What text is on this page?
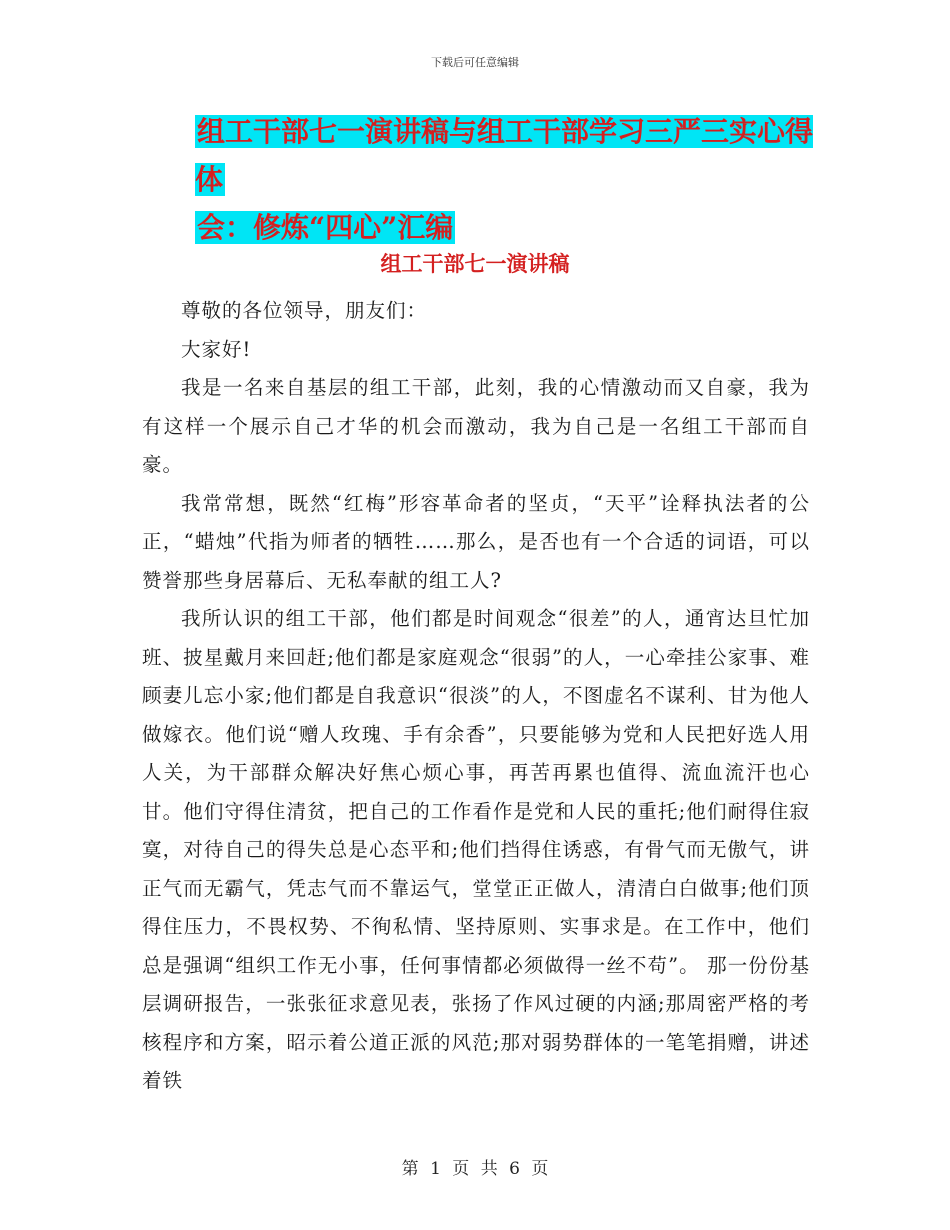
下载后可任意编辑
组工干部七一演讲稿与组工干部学习三严三实心得体
会：修炼“四心”汇编
组工干部七一演讲稿

尊敬的各位领导，朋友们：

大家好!

我是一名来自基层的组工干部，此刻，我的心情激动而又自豪，我为有这样一个展示自己才华的机会而激动，我为自己是一名组工干部而自豪。

我常常想，既然“红梅”形容革命者的坚贞，“天平”诠释执法者的公正，“蜡烛”代指为师者的牺牲……那么，是否也有一个合适的词语，可以赞誉那些身居幕后、无私奉献的组工人?

我所认识的组工干部，他们都是时间观念“很差”的人，通宵达旦忙加班、披星戴月来回赶;他们都是家庭观念“很弱”的人，一心牵挂公家事、难顾妻儿忘小家;他们都是自我意识“很淡”的人，不图虚名不谋利、甘为他人做嫁衣。他们说“赠人玫瑰、手有余香”，只要能够为党和人民把好选人用人关，为干部群众解决好焦心烦心事，再苦再累也值得、流血流汗也心甘。他们守得住清贫，把自己的工作看作是党和人民的重托;他们耐得住寂寞，对待自己的得失总是心态平和;他们挡得住诱惑，有骨气而无傲气，讲正气而无霸气，凭志气而不靠运气，堂堂正正做人，清清白白做事;他们顶得住压力，不畏权势、不徇私情、坚持原则、实事求是。在工作中，他们总是强调“组织工作无小事，任何事情都必须做得一丝不苟”。 那一份份基层调研报告，一张张征求意见表，张扬了作风过硬的内涵;那周密严格的考核程序和方案，昭示着公道正派的风范;那对弱势群体的一笔笔捐赠，讲述着铁

第 1 页 共 6 页
